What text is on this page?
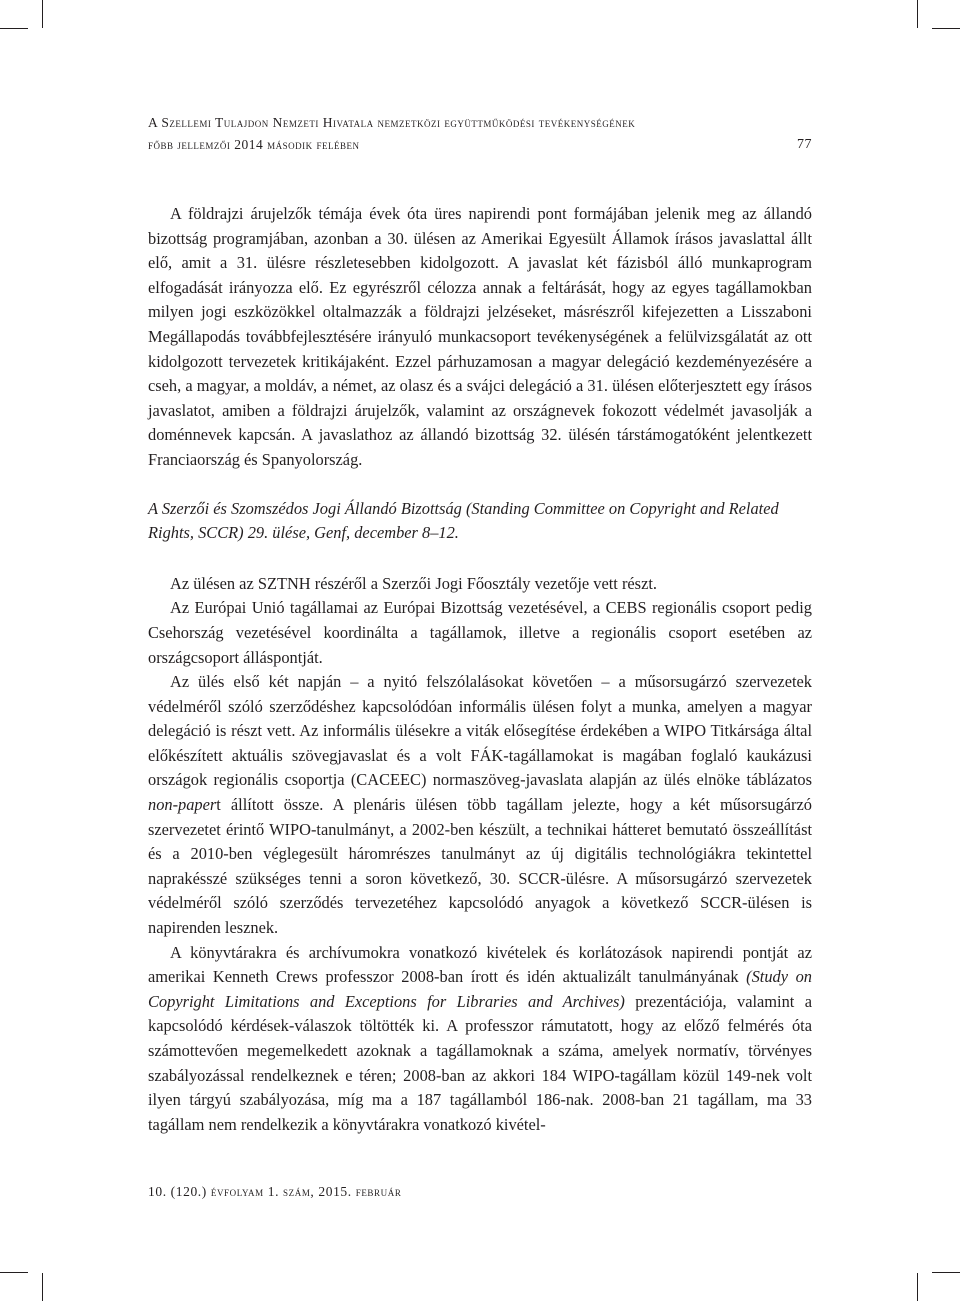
A Szellemi Tulajdon Nemzeti Hivatala nemzetközi együttműködési tevékenységének
főbb jellemzői 2014 második felében	77

A földrajzi árujelzők témája évek óta üres napirendi pont formájában jelenik meg az állandó bizottság programjában, azonban a 30. ülésen az Amerikai Egyesült Államok írásos javaslattal állt elő, amit a 31. ülésre részletesebben kidolgozott. A javaslat két fázisból álló munkaprogram elfogadását irányozza elő. Ez egyrészről célozza annak a feltárását, hogy az egyes tagállamokban milyen jogi eszközökkel oltalmazzák a földrajzi jelzéseket, másrészről kifejezetten a Lisszaboni Megállapodás továbbfejlesztésére irányuló munkacsoport tevékenységének a felülvizsgálatát az ott kidolgozott tervezetek kritikájaként. Ezzel párhuzamosan a magyar delegáció kezdeményezésére a cseh, a magyar, a moldáv, a német, az olasz és a svájci delegáció a 31. ülésen előterjesztett egy írásos javaslatot, amiben a földrajzi árujelzők, valamint az országnevek fokozott védelmét javasolják a doménnevek kapcsán. A javaslathoz az állandó bizottság 32. ülésén társtámogatóként jelentkezett Franciaország és Spanyolország.

A Szerzői és Szomszédos Jogi Állandó Bizottság (Standing Committee on Copyright and Related Rights, SCCR) 29. ülése, Genf, december 8–12.

Az ülésen az SZTNH részéről a Szerzői Jogi Főosztály vezetője vett részt.

Az Európai Unió tagállamai az Európai Bizottság vezetésével, a CEBS regionális csoport pedig Csehország vezetésével koordinálta a tagállamok, illetve a regionális csoport esetében az országcsoport álláspontját.

Az ülés első két napján – a nyitó felszólalásokat követően – a műsorsugárzó szervezetek védelméről szóló szerződéshez kapcsolódóan informális ülésen folyt a munka, amelyen a magyar delegáció is részt vett. Az informális ülésekre a viták elősegítése érdekében a WIPO Titkársága által előkészített aktuális szövegjavaslat és a volt FÁK-tagállamokat is magában foglaló kaukázusi országok regionális csoportja (CACEEC) normaszöveg-javaslata alapján az ülés elnöke táblázatos non-papert állított össze. A plenáris ülésen több tagállam jelezte, hogy a két műsorsugárzó szervezetet érintő WIPO-tanulmányt, a 2002-ben készült, a technikai hátteret bemutató összeállítást és a 2010-ben véglegesült háromrészes tanulmányt az új digitális technológiákra tekintettel naprakésszé szükséges tenni a soron következő, 30. SCCR-ülésre. A műsorsugárzó szervezetek védelméről szóló szerződés tervezetéhez kapcsolódó anyagok a következő SCCR-ülésen is napirenden lesznek.

A könyvtárakra és archívumokra vonatkozó kivételek és korlátozások napirendi pontját az amerikai Kenneth Crews professzor 2008-ban írott és idén aktualizált tanulmányának (Study on Copyright Limitations and Exceptions for Libraries and Archives) prezentációja, valamint a kapcsolódó kérdések-válaszok töltötték ki. A professzor rámutatott, hogy az előző felmérés óta számottevően megemelkedett azoknak a tagállamoknak a száma, amelyek normatív, törvényes szabályozással rendelkeznek e téren; 2008-ban az akkori 184 WIPO-tagállam közül 149-nek volt ilyen tárgyú szabályozása, míg ma a 187 tagállamból 186-nak. 2008-ban 21 tagállam, ma 33 tagállam nem rendelkezik a könyvtárakra vonatkozó kivétel-

10. (120.) évfolyam 1. szám, 2015. február
